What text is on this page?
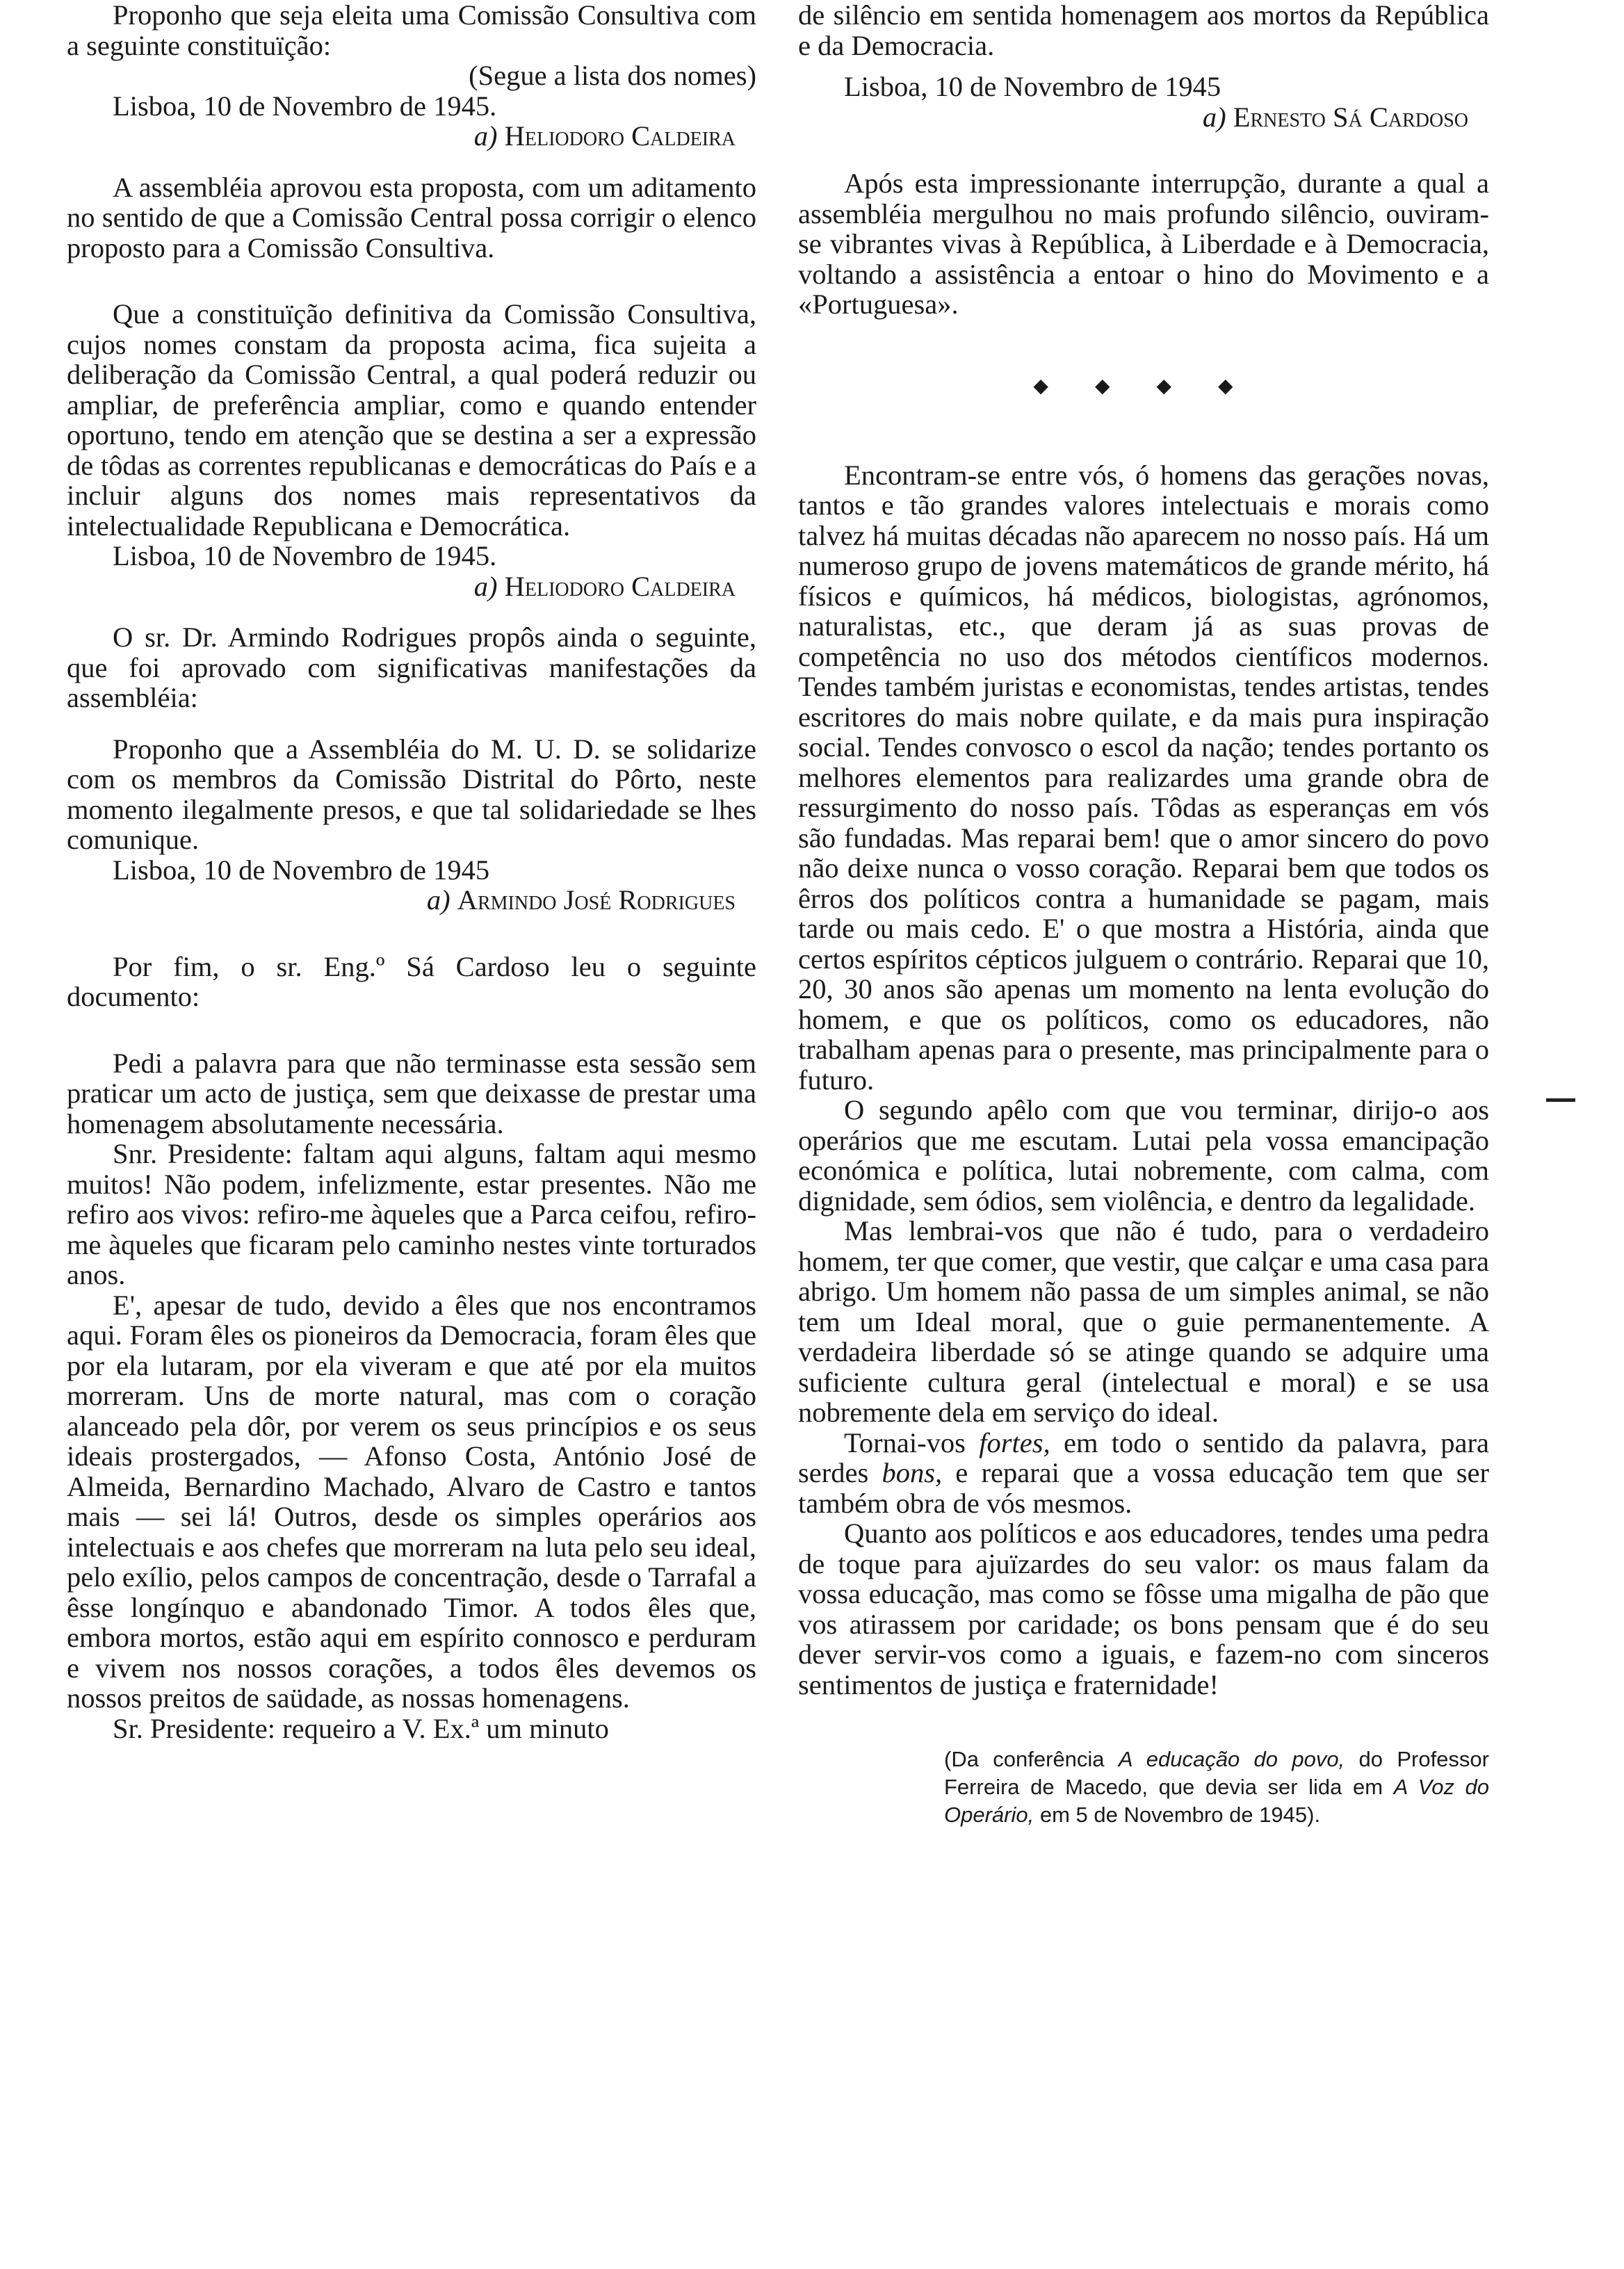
Proponho que seja eleita uma Comissão Consultiva com a seguinte constituïção:

(Segue a lista dos nomes)

Lisboa, 10 de Novembro de 1945.

a) Heliodoro Caldeira

A assembléia aprovou esta proposta, com um aditamento no sentido de que a Comissão Central possa corrigir o elenco proposto para a Comissão Consultiva.

Que a constituïção definitiva da Comissão Consultiva, cujos nomes constam da proposta acima, fica sujeita a deliberação da Comissão Central, a qual poderá reduzir ou ampliar, de preferência ampliar, como e quando entender oportuno, tendo em atenção que se destina a ser a expressão de tôdas as correntes republicanas e democráticas do País e a incluir alguns dos nomes mais representativos da intelectualidade Republicana e Democrática.

Lisboa, 10 de Novembro de 1945.

a) Heliodoro Caldeira

O sr. Dr. Armindo Rodrigues propôs ainda o seguinte, que foi aprovado com significativas manifestações da assembléia:

Proponho que a Assembléia do M. U. D. se solidarize com os membros da Comissão Distrital do Pôrto, neste momento ilegalmente presos, e que tal solidariedade se lhes comunique.

Lisboa, 10 de Novembro de 1945

a) Armindo José Rodrigues

Por fim, o sr. Eng.º Sá Cardoso leu o seguinte documento:

Pedi a palavra para que não terminasse esta sessão sem praticar um acto de justiça, sem que deixasse de prestar uma homenagem absolutamente necessária.

Snr. Presidente: faltam aqui alguns, faltam aqui mesmo muitos! Não podem, infelizmente, estar presentes. Não me refiro aos vivos: refiro-me àqueles que a Parca ceifou, refiro-me àqueles que ficaram pelo caminho nestes vinte torturados anos.

E', apesar de tudo, devido a êles que nos encontramos aqui. Foram êles os pioneiros da Democracia, foram êles que por ela lutaram, por ela viveram e que até por ela muitos morreram. Uns de morte natural, mas com o coração alanceado pela dôr, por verem os seus princípios e os seus ideais prostergados, — Afonso Costa, António José de Almeida, Bernardino Machado, Alvaro de Castro e tantos mais — sei lá! Outros, desde os simples operários aos intelectuais e aos chefes que morreram na luta pelo seu ideal, pelo exílio, pelos campos de concentração, desde o Tarrafal a êsse longínquo e abandonado Timor. A todos êles que, embora mortos, estão aqui em espírito connosco e perduram e vivem nos nossos corações, a todos êles devemos os nossos preitos de saüdade, as nossas homenagens.

Sr. Presidente: requeiro a V. Ex.ª um minuto

de silêncio em sentida homenagem aos mortos da República e da Democracia.

Lisboa, 10 de Novembro de 1945

a) Ernesto Sá Cardoso

Após esta impressionante interrupção, durante a qual a assembléia mergulhou no mais profundo silêncio, ouviram-se vibrantes vivas à República, à Liberdade e à Democracia, voltando a assistência a entoar o hino do Movimento e a «Portuguesa».

◆ ◆ ◆ ◆

Encontram-se entre vós, ó homens das gerações novas, tantos e tão grandes valores intelectuais e morais como talvez há muitas décadas não aparecem no nosso país. Há um numeroso grupo de jovens matemáticos de grande mérito, há físicos e químicos, há médicos, biologistas, agrónomos, naturalistas, etc., que deram já as suas provas de competência no uso dos métodos científicos modernos. Tendes também juristas e economistas, tendes artistas, tendes escritores do mais nobre quilate, e da mais pura inspiração social. Tendes convosco o escol da nação; tendes portanto os melhores elementos para realizardes uma grande obra de ressurgimento do nosso país. Tôdas as esperanças em vós são fundadas. Mas reparai bem! que o amor sincero do povo não deixe nunca o vosso coração. Reparai bem que todos os êrros dos políticos contra a humanidade se pagam, mais tarde ou mais cedo. E' o que mostra a História, ainda que certos espíritos cépticos julguem o contrário. Reparai que 10, 20, 30 anos são apenas um momento na lenta evolução do homem, e que os políticos, como os educadores, não trabalham apenas para o presente, mas principalmente para o futuro.

O segundo apêlo com que vou terminar, dirijo-o aos operários que me escutam. Lutai pela vossa emancipação económica e política, lutai nobremente, com calma, com dignidade, sem ódios, sem violência, e dentro da legalidade.

Mas lembrai-vos que não é tudo, para o verdadeiro homem, ter que comer, que vestir, que calçar e uma casa para abrigo. Um homem não passa de um simples animal, se não tem um Ideal moral, que o guie permanentemente. A verdadeira liberdade só se atinge quando se adquire uma suficiente cultura geral (intelectual e moral) e se usa nobremente dela em serviço do ideal.

Tornai-vos fortes, em todo o sentido da palavra, para serdes bons, e reparai que a vossa educação tem que ser também obra de vós mesmos.

Quanto aos políticos e aos educadores, tendes uma pedra de toque para ajuïzardes do seu valor: os maus falam da vossa educação, mas como se fôsse uma migalha de pão que vos atirassem por caridade; os bons pensam que é do seu dever servir-vos como a iguais, e fazem-no com sinceros sentimentos de justiça e fraternidade!

(Da conferência A educação do povo, do Professor Ferreira de Macedo, que devia ser lida em A Voz do Operário, em 5 de Novembro de 1945).
